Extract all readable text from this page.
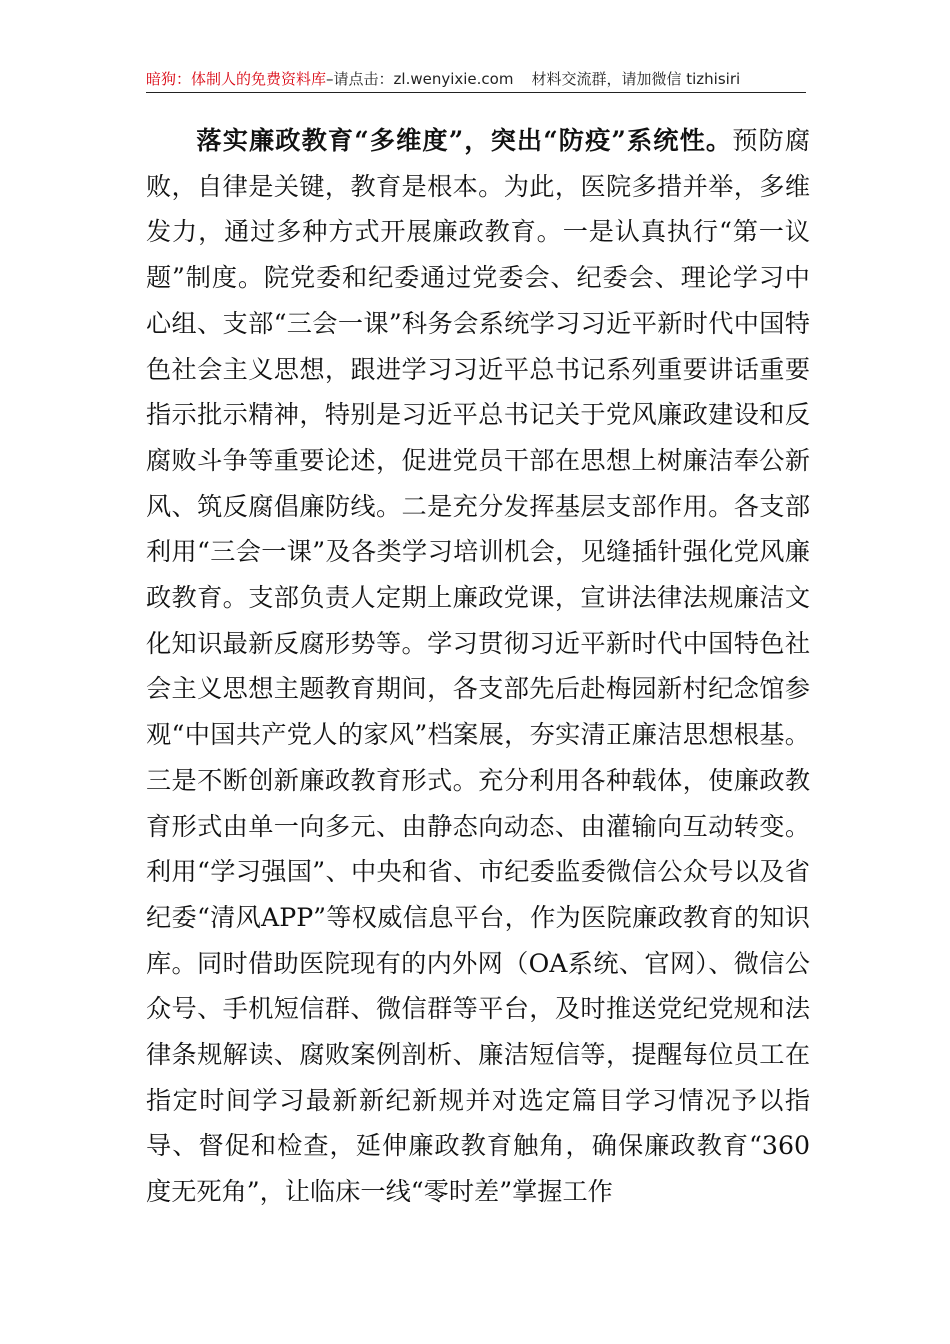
暗狗：体制人的免费资料库–请点击：zl.wenyixie.com 材料交流群，请加微信 tizhisiri

落实廉政教育“多维度”，突出“防疫”系统性。预防腐败，自律是关键，教育是根本。为此，医院多措并举，多维发力，通过多种方式开展廉政教育。一是认真执行“第一议题”制度。院党委和纪委通过党委会、纪委会、理论学习中心组、支部“三会一课”科务会系统学习习近平新时代中国特色社会主义思想，跟进学习习近平总书记系列重要讲话重要指示批示精神，特别是习近平总书记关于党风廉政建设和反腐败斗争等重要论述，促进党员干部在思想上树廉洁奉公新风、筑反腐倡廉防线。二是充分发挥基层支部作用。各支部利用“三会一课”及各类学习培训机会，见缝插针强化党风廉政教育。支部负责人定期上廉政党课，宣讲法律法规廉洁文化知识最新反腐形势等。学习贯彻习近平新时代中国特色社会主义思想主题教育期间，各支部先后赴梅园新村纪念馆参观“中国共产党人的家风”档案展，夯实清正廉洁思想根基。三是不断创新廉政教育形式。充分利用各种载体，使廉政教育形式由单一向多元、由静态向动态、由灌输向互动转变。利用“学习强国”、中央和省、市纪委监委微信公众号以及省纪委“清风APP”等权威信息平台，作为医院廉政教育的知识库。同时借助医院现有的内外网（OA系统、官网）、微信公众号、手机短信群、微信群等平台，及时推送党纪党规和法律条规解读、腐败案例剖析、廉洁短信等，提醒每位员工在指定时间学习最新新纪新规并对选定篇目学习情况予以指导、督促和检查，延伸廉政教育触角，确保廉政教育“360度无死角”，让临床一线“零时差”掌握工作
